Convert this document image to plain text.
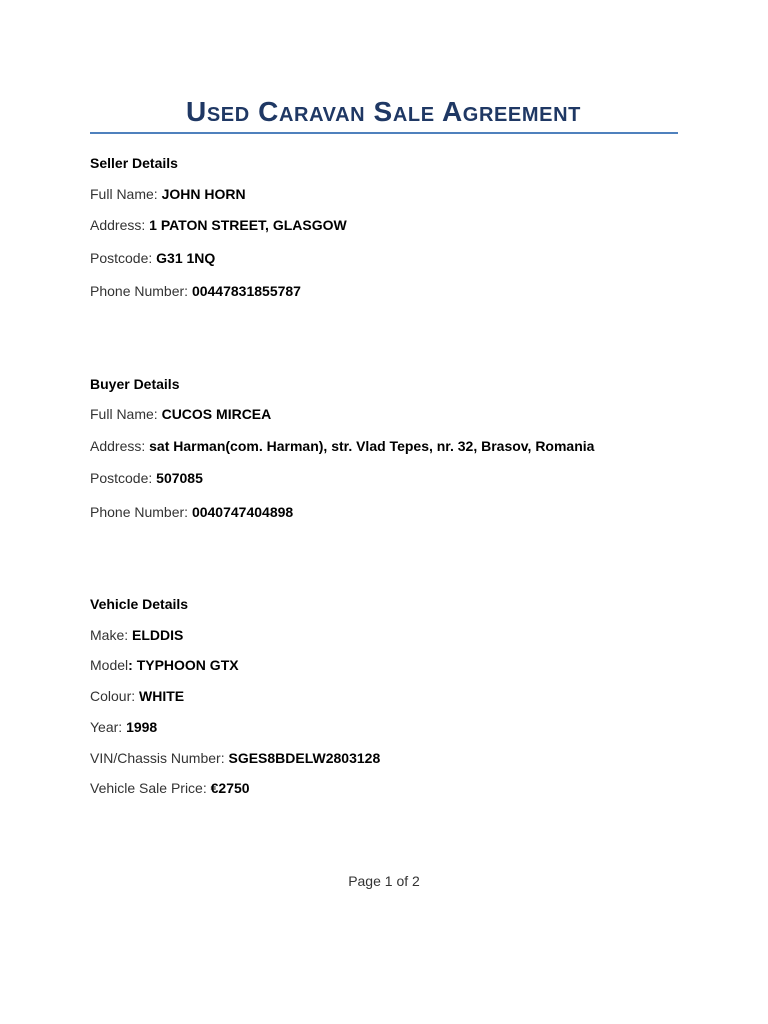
Used Caravan Sale Agreement
Seller Details
Full Name: JOHN HORN
Address: 1 PATON STREET, GLASGOW
Postcode: G31 1NQ
Phone Number: 00447831855787
Buyer Details
Full Name: CUCOS MIRCEA
Address: sat Harman(com. Harman), str. Vlad Tepes, nr. 32, Brasov, Romania
Postcode: 507085
Phone Number: 0040747404898
Vehicle Details
Make: ELDDIS
Model: TYPHOON GTX
Colour: WHITE
Year: 1998
VIN/Chassis Number: SGES8BDELW2803128
Vehicle Sale Price: €2750
Page 1 of 2
